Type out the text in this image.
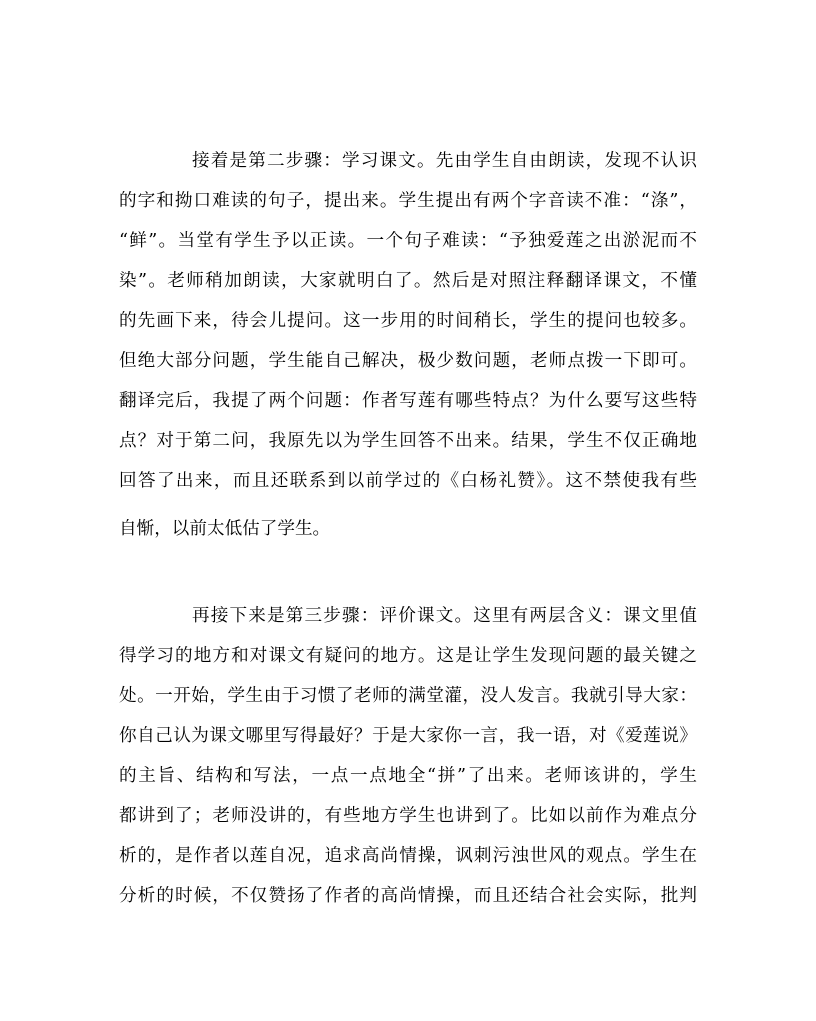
接着是第二步骤：学习课文。先由学生自由朗读，发现不认识
的字和拗口难读的句子，提出来。学生提出有两个字音读不准：“涤”，
“鲜”。当堂有学生予以正读。一个句子难读：“予独爱莲之出淤泥而不
染”。老师稍加朗读，大家就明白了。然后是对照注释翻译课文，不懂
的先画下来，待会儿提问。这一步用的时间稍长，学生的提问也较多。
但绝大部分问题，学生能自己解决，极少数问题，老师点拨一下即可。
翻译完后，我提了两个问题：作者写莲有哪些特点？为什么要写这些特
点？对于第二问，我原先以为学生回答不出来。结果，学生不仅正确地
回答了出来，而且还联系到以前学过的《白杨礼赞》。这不禁使我有些
自惭，以前太低估了学生。
再接下来是第三步骤：评价课文。这里有两层含义：课文里值
得学习的地方和对课文有疑问的地方。这是让学生发现问题的最关键之
处。一开始，学生由于习惯了老师的满堂灌，没人发言。我就引导大家：
你自己认为课文哪里写得最好？于是大家你一言，我一语，对《爱莲说》
的主旨、结构和写法，一点一点地全“拼”了出来。老师该讲的，学生
都讲到了；老师没讲的，有些地方学生也讲到了。比如以前作为难点分
析的，是作者以莲自况，追求高尚情操，讽刺污浊世风的观点。学生在
分析的时候，不仅赞扬了作者的高尚情操，而且还结合社会实际，批判
